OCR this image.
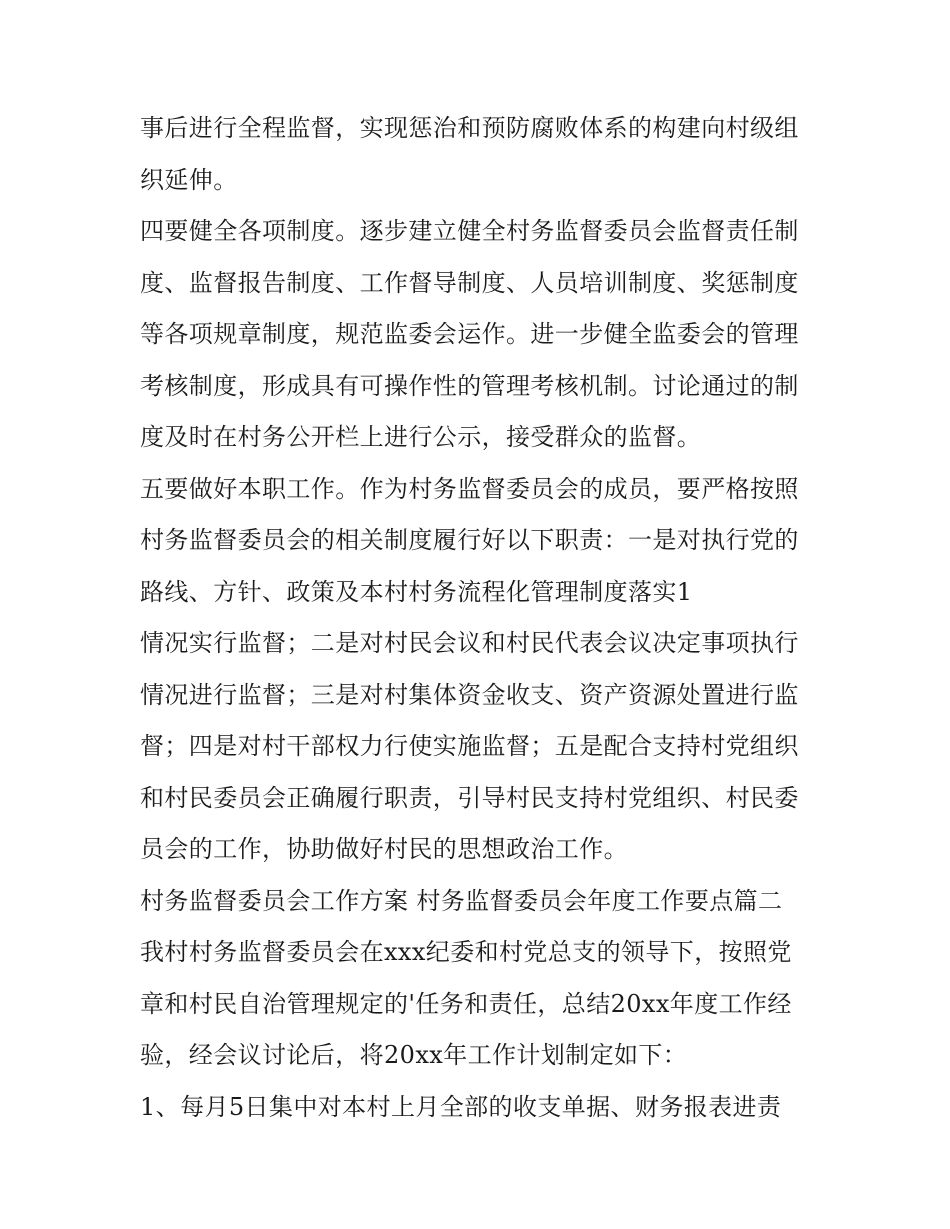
事后进行全程监督，实现惩治和预防腐败体系的构建向村级组
织延伸。
四要健全各项制度。逐步建立健全村务监督委员会监督责任制
度、监督报告制度、工作督导制度、人员培训制度、奖惩制度
等各项规章制度，规范监委会运作。进一步健全监委会的管理
考核制度，形成具有可操作性的管理考核机制。讨论通过的制
度及时在村务公开栏上进行公示，接受群众的监督。
五要做好本职工作。作为村务监督委员会的成员，要严格按照
村务监督委员会的相关制度履行好以下职责：一是对执行党的
路线、方针、政策及本村村务流程化管理制度落实1
情况实行监督；二是对村民会议和村民代表会议决定事项执行
情况进行监督；三是对村集体资金收支、资产资源处置进行监
督；四是对村干部权力行使实施监督；五是配合支持村党组织
和村民委员会正确履行职责，引导村民支持村党组织、村民委
员会的工作，协助做好村民的思想政治工作。
村务监督委员会工作方案 村务监督委员会年度工作要点篇二
我村村务监督委员会在xxx纪委和村党总支的领导下，按照党
章和村民自治管理规定的'任务和责任，总结20xx年度工作经
验，经会议讨论后，将20xx年工作计划制定如下：
1、每月5日集中对本村上月全部的收支单据、财务报表进责
